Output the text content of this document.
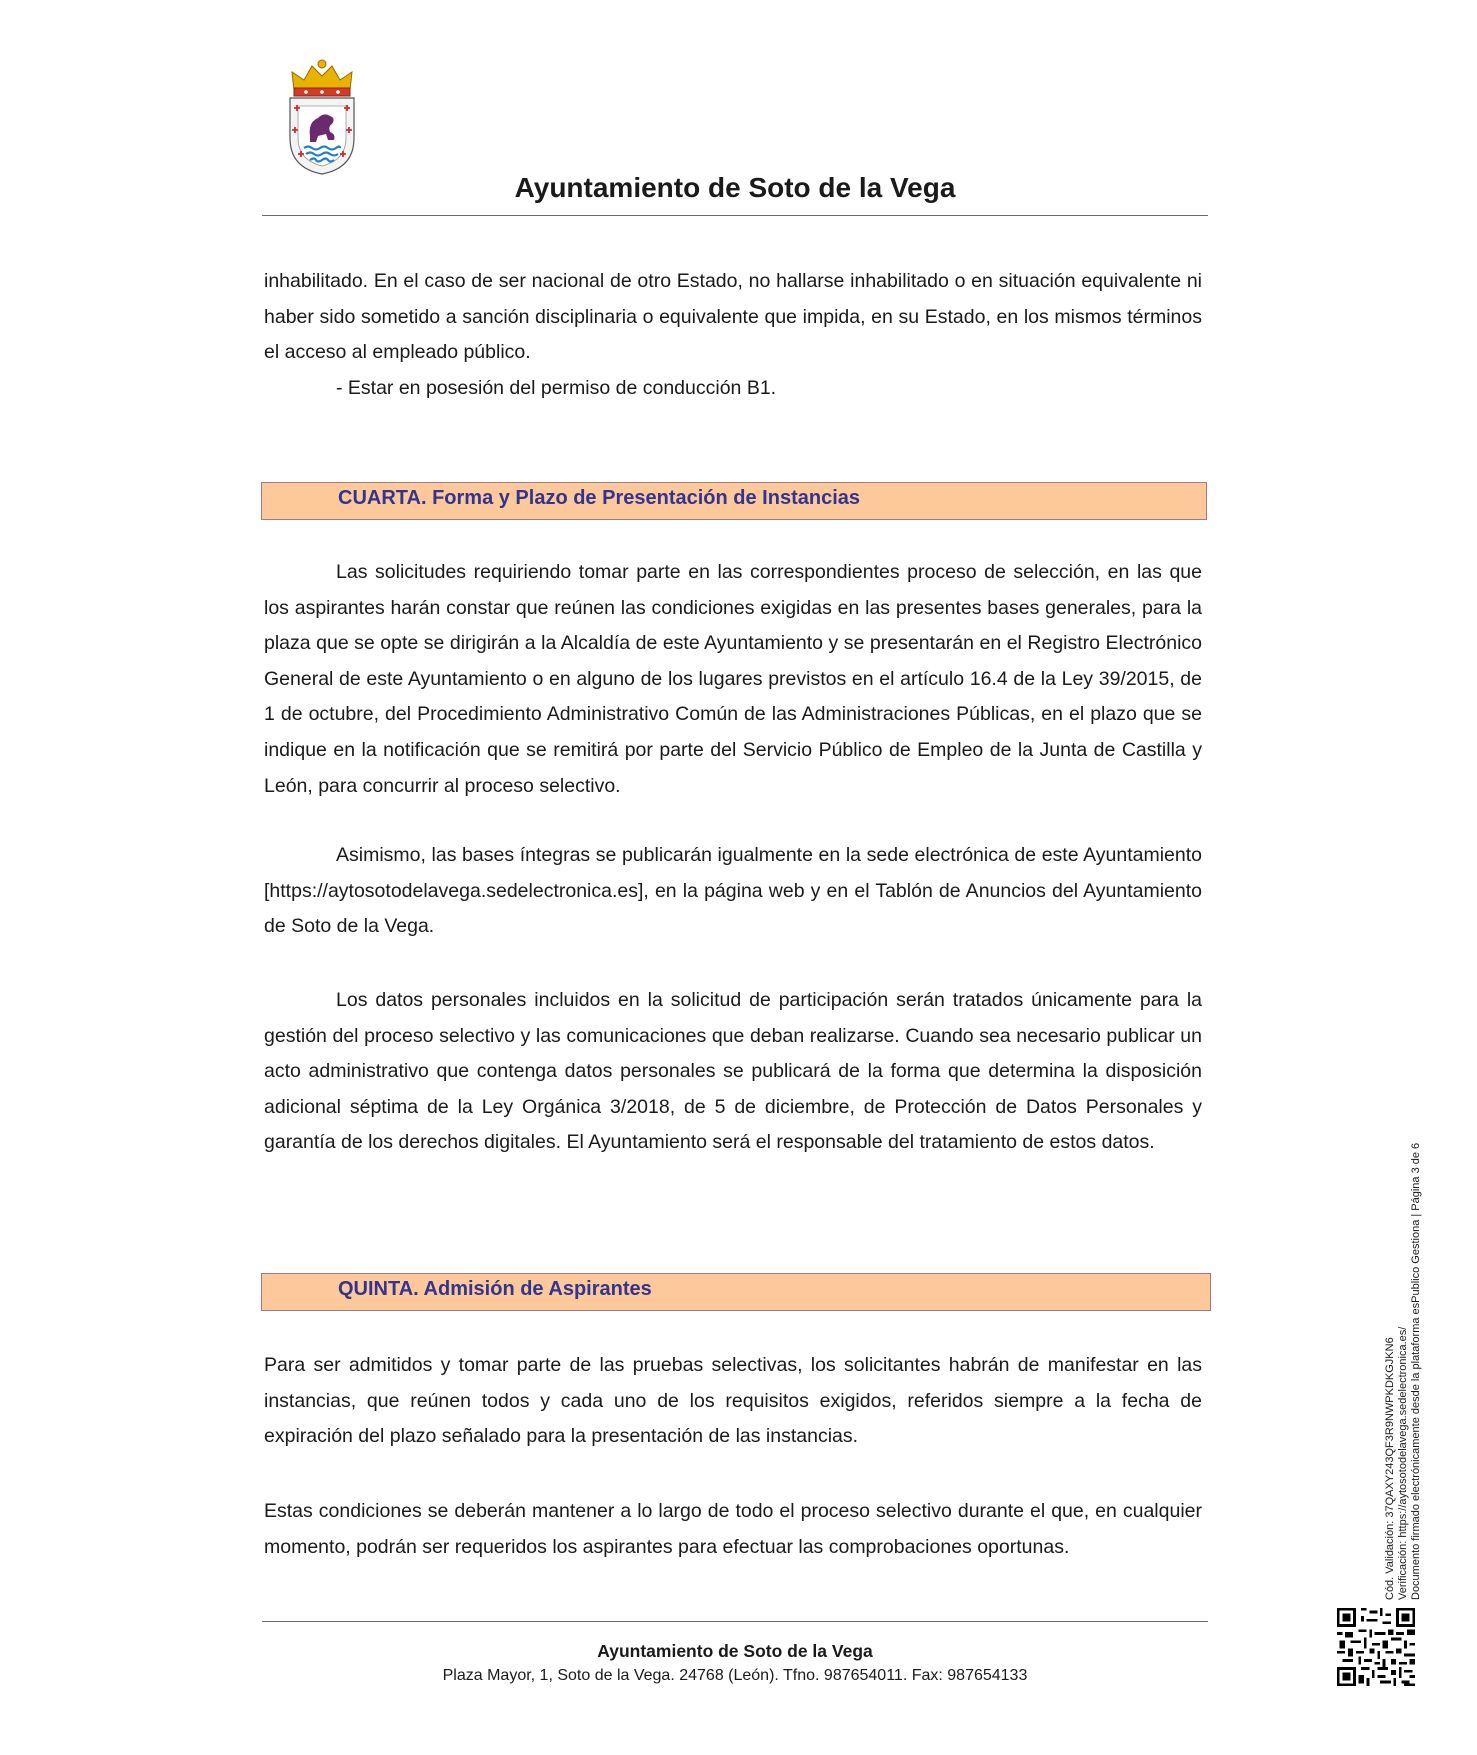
Ayuntamiento de Soto de la Vega

inhabilitado. En el caso de ser nacional de otro Estado, no hallarse inhabilitado o en situación equivalente ni haber sido sometido a sanción disciplinaria o equivalente que impida, en su Estado, en los mismos términos el acceso al empleado público.

- Estar en posesión del permiso de conducción B1.

CUARTA. Forma y Plazo de Presentación de Instancias

Las solicitudes requiriendo tomar parte en las correspondientes proceso de selección, en las que los aspirantes harán constar que reúnen las condiciones exigidas en las presentes bases generales, para la plaza que se opte se dirigirán a la Alcaldía de este Ayuntamiento y se presentarán en el Registro Electrónico General de este Ayuntamiento o en alguno de los lugares previstos en el artículo 16.4 de la Ley 39/2015, de 1 de octubre, del Procedimiento Administrativo Común de las Administraciones Públicas, en el plazo que se indique en la notificación que se remitirá por parte del Servicio Público de Empleo de la Junta de Castilla y León, para concurrir al proceso selectivo.

Asimismo, las bases íntegras se publicarán igualmente en la sede electrónica de este Ayuntamiento [https://aytosotodelavega.sedelectronica.es], en la página web y en el Tablón de Anuncios del Ayuntamiento de Soto de la Vega.

Los datos personales incluidos en la solicitud de participación serán tratados únicamente para la gestión del proceso selectivo y las comunicaciones que deban realizarse. Cuando sea necesario publicar un acto administrativo que contenga datos personales se publicará de la forma que determina la disposición adicional séptima de la Ley Orgánica 3/2018, de 5 de diciembre, de Protección de Datos Personales y garantía de los derechos digitales. El Ayuntamiento será el responsable del tratamiento de estos datos.

QUINTA. Admisión de Aspirantes

Para ser admitidos y tomar parte de las pruebas selectivas, los solicitantes habrán de manifestar en las instancias, que reúnen todos y cada uno de los requisitos exigidos, referidos siempre a la fecha de expiración del plazo señalado para la presentación de las instancias.

Estas condiciones se deberán mantener a lo largo de todo el proceso selectivo durante el que, en cualquier momento, podrán ser requeridos los aspirantes para efectuar las comprobaciones oportunas.

Ayuntamiento de Soto de la Vega

Plaza Mayor, 1, Soto de la Vega. 24768 (León). Tfno. 987654011. Fax: 987654133

Cód. Validación: 37QAXY243QF3R9NWPKDKGJKN6 Verificación: https://aytosotodelavega.sedelectronica.es/ Documento firmado electrónicamente desde la plataforma esPublico Gestiona | Página 3 de 6
